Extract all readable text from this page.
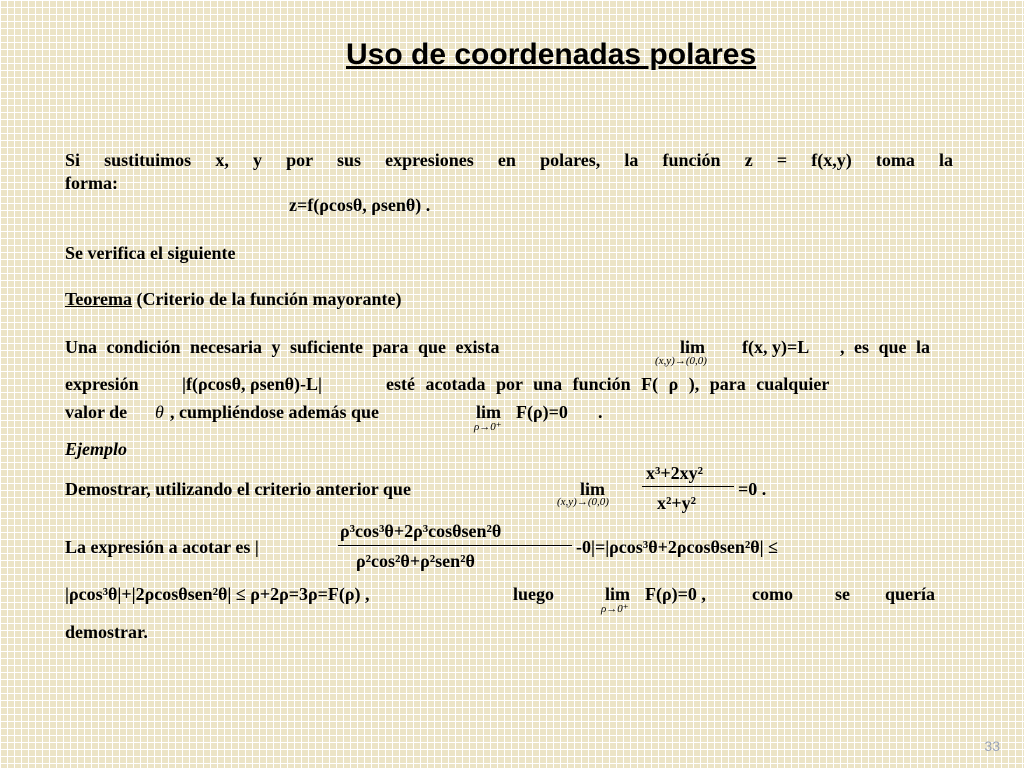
Uso de coordenadas polares
Si sustituimos x, y por sus expresiones en polares, la función z = f(x,y) toma la
forma:
z=f(ρcosθ, ρsenθ) .
Se verifica el siguiente
Teorema (Criterio de la función mayorante)
Una condición necesaria y suficiente para que exista	lim
(x,y)→(0,0)
f(x, y)=L , es que la
expresión |f(ρcosθ, ρsenθ)-L|	esté acotada por una función F( ρ ), para cualquier
valor de θ , cumpliéndose además que	lim
ρ→0⁺
F(ρ)=0 .
Ejemplo
Demostrar, utilizando el criterio anterior que	lim
(x,y)→(0,0)
x³+2xy²
x²+y²
=0 .
La expresión a acotar es |
ρ³cos³θ+2ρ³cosθsen²θ
ρ²cos²θ+ρ²sen²θ
-0|=|ρcos³θ+2ρcosθsen²θ| ≤
|ρcos³θ|+|2ρcosθsen²θ| ≤ ρ+2ρ=3ρ=F(ρ) ,	luego	lim
ρ→0⁺
F(ρ)=0 ,	como se quería
demostrar.
33
